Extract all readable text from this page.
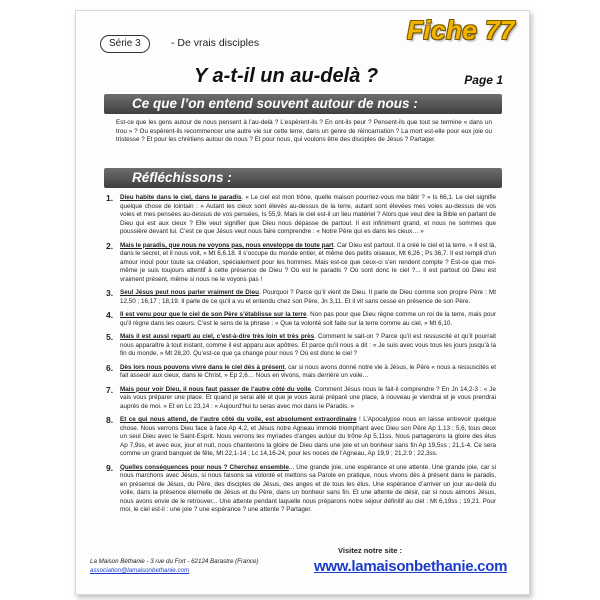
Série 3	- De vrais disciples	Fiche 77
Y a-t-il un au-delà ?	Page 1
Ce que l’on entend souvent autour de nous :
Est-ce que les gens autour de nous pensent à l’au-delà ? L’espèrent-ils ? En ont-ils peur ? Pensent-ils que tout se termine « dans un trou » ? Ou espèrent-ils recommencer une autre vie sur cette terre, dans un genre de réincarnation ? La mort est-elle pour eux joie ou tristesse ? Et pour les chrétiens autour de nous ? Et pour nous, qui voulons être des disciples de Jésus ? Partager.
Réfléchissons :
1. Dieu habite dans le ciel, dans le paradis. « Le ciel est mon trône, quelle maison pourriez-vous me bâtir ? » Is 66,1. Le ciel signifie quelque chose de lointain : « Autant les cieux sont élevés au-dessus de la terre, autant sont élevées mes voies au-dessus de vos voies et mes pensées au-dessus de vos pensées, Is 55,9. Mais le ciel est-il un lieu matériel ? Alors que veut dire la Bible en parlant de Dieu qui est aux cieux ? Elle veut signifier que Dieu nous dépasse de partout. Il est infiniment grand, et nous ne sommes que poussière devant lui. C’est ce que Jésus veut nous faire comprendre : « Notre Père qui es dans les cieux… »

2. Mais le paradis, que nous ne voyons pas, nous enveloppe de toute part. Car Dieu est partout. Il a créé le ciel et la terre. « Il est là, dans le secret, et il nous voit, » Mt 6,6.18. Il s’occupe du monde entier, et même des petits oiseaux, Mt 6,26 ; Ps 36,7. Il est rempli d’un amour inouï pour toute sa création, spécialement pour les hommes. Mais est-ce que ceux-ci s’en rendent compte ? Est-ce que moi-même je suis toujours attentif à cette présence de Dieu ? Où est le paradis ? Où sont donc le ciel ?... Il est partout où Dieu est vraiment présent, même si nous ne le voyons pas !

3. Seul Jésus peut nous parler vraiment de Dieu. Pourquoi ? Parce qu’il vient de Dieu. Il parle de Dieu comme son propre Père : Mt 12,50 ; 16,17 ; 18,19. Il parle de ce qu’il a vu et entendu chez son Père, Jn 3,11. Et il vit sans cesse en présence de son Père.

4. Il est venu pour que le ciel de son Père s’établisse sur la terre. Non pas pour que Dieu règne comme un roi de la terre, mais pour qu’il règne dans les cœurs. C’est le sens de la phrase : « Que ta volonté soit faite sur la terre comme au ciel, » Mt 6,10.

5. Mais il est aussi reparti au ciel, c’est-à-dire très loin et très près. Comment le sait-on ? Parce qu’il est ressuscité et qu’il pourrait nous apparaître à tout instant, comme il est apparu aux apôtres. Et parce qu’il nous a dit : « Je suis avec vous tous les jours jusqu’à la fin du monde, » Mt 28,20. Qu’est-ce que ça change pour nous ? Où est donc le ciel ?

6. Dès lors nous pouvons vivre dans le ciel dès à présent, car si nous avons donné notre vie à Jésus, le Père « nous a ressuscités et fait asseoir aux cieux, dans le Christ, » Ep 2,6… Nous en vivons, mais derrière un voile…

7. Mais pour voir Dieu, il nous faut passer de l’autre côté du voile. Comment Jésus nous le fait-il comprendre ? En Jn 14,2-3 : « Je vais vous préparer une place. Et quand je serai allé et que je vous aurai préparé une place, à nouveau je viendrai et je vous prendrai auprès de moi. » Et en Lc 23,14 : « Aujourd’hui tu seras avec moi dans le Paradis. »

8. Et ce qui nous attend, de l’autre côté du voile, est absolument extraordinaire ! L’Apocalypse nous en laisse entrevoir quelque chose. Nous verrons Dieu face à face Ap 4,2, et Jésus notre Agneau immolé triomphant avec Dieu son Père Ap 1,13 ; 5,6, tous deux un seul Dieu avec le Saint-Esprit. Nous verrons les myriades d’anges autour du trône Ap 5,11ss. Nous partagerons la gloire des élus Ap 7,9ss, et avec eux, jour et nuit, nous chanterons la gloire de Dieu dans une joie et un bonheur sans fin Ap 19,5ss ; 21,1-4. Ce sera comme un grand banquet de fête, Mt 22,1-14 ; Lc 14,16-24, pour les noces de l’Agneau, Ap 19,9 ; 21,2.9 ; 22,3ss.

9. Quelles conséquences pour nous ? Cherchez ensemble... Une grande joie, une espérance et une attente. Une grande joie, car si nous marchons avec Jésus, si nous faisons sa volonté et mettons sa Parole en pratique, nous vivons dès à présent dans le paradis, en présence de Jésus, du Père, des disciples de Jésus, des anges et de tous les élus. Une espérance d’arriver un jour au-delà du voile, dans la présence éternelle de Jésus et du Père, dans un bonheur sans fin. Et une attente de désir, car si nous aimons Jésus, nous avons envie de le retrouver... Une attente pendant laquelle nous préparons notre séjour définitif au ciel : Mt 6,19ss ; 19,21. Pour moi, le ciel est-il : une joie ? une espérance ? une attente ? Partager.

La Maison Béthanie - 3 rue du Fort - 62124 Barastre (France)
association@lamaisonbethanie.com
Visitez notre site :
www.lamaisonbethanie.com
